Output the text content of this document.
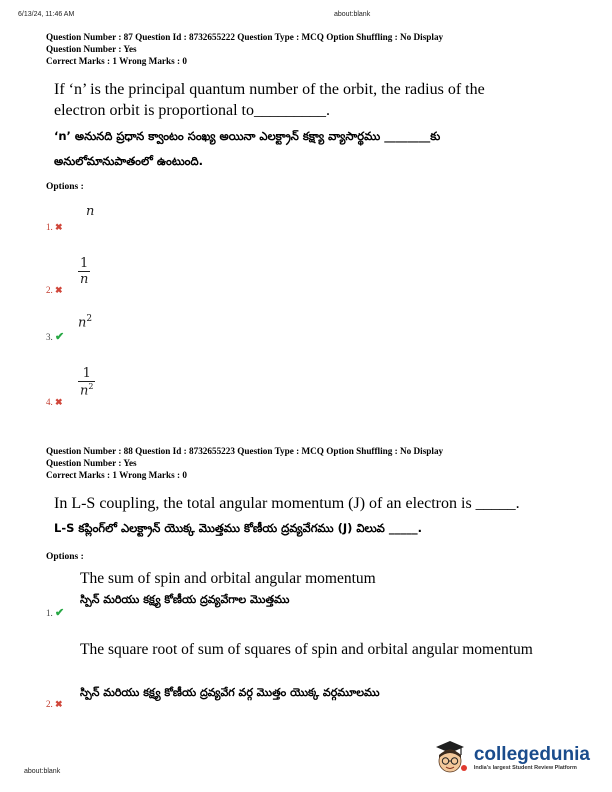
6/13/24, 11:46 AM	about:blank
Question Number : 87 Question Id : 8732655222 Question Type : MCQ Option Shuffling : No Display
Question Number : Yes
Correct Marks : 1 Wrong Marks : 0
If ‘n’ is the principal quantum number of the orbit, the radius of the
electron orbit is proportional to_________.
‘n’ అనునది ప్రధాన క్వాంటం సంఖ్య అయినా ఎలక్ట్రాన్ కక్ష్యా వ్యాసార్థము ________కు
అనులోమానుపాతంలో ఉంటుంది.
Options :
n
1. ✖
$\frac{1}{n}$
2. ✖
$n^2$
3. ✔
$\frac{1}{n^2}$
4. ✖
Question Number : 88 Question Id : 8732655223 Question Type : MCQ Option Shuffling : No Display
Question Number : Yes
Correct Marks : 1 Wrong Marks : 0
In L-S coupling, the total angular momentum (J) of an electron is _____.
L-S కప్లింగ్‌లో ఎలక్ట్రాన్ యొక్క మొత్తము కోణీయ ద్రవ్యవేగము (J) విలువ _____.
Options :
The sum of spin and orbital angular momentum
స్పిన్ మరియు కక్ష్య కోణీయ ద్రవ్యవేగాల మొత్తము
1. ✔
The square root of sum of squares of spin and orbital angular momentum
స్పిన్ మరియు కక్ష్య కోణీయ ద్రవ్యవేగ వర్గ మొత్తం యొక్క వర్గమూలము
2. ✖
about:blank
collegedunia
India's largest Student Review Platform
